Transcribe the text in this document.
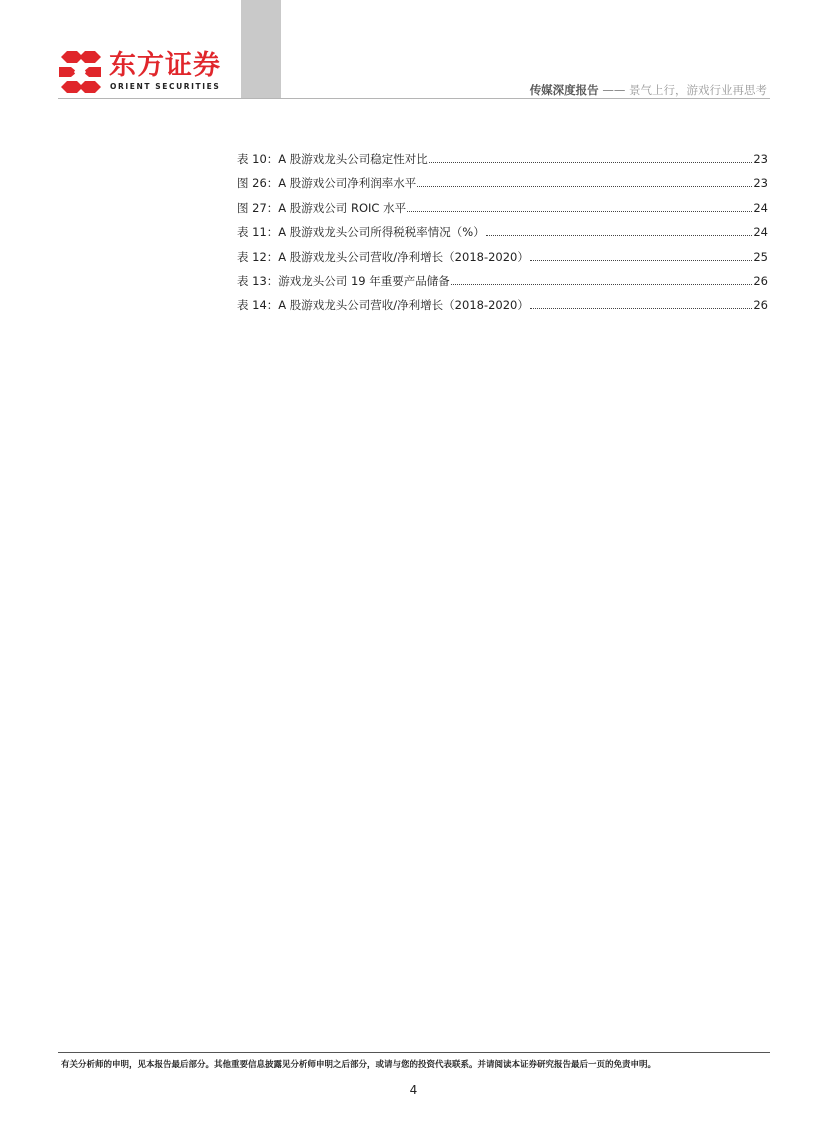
东方证券
ORIENT SECURITIES	传媒深度报告 —— 景气上行，游戏行业再思考
表 10：A 股游戏龙头公司稳定性对比	23
图 26：A 股游戏公司净利润率水平	23
图 27：A 股游戏公司 ROIC 水平	24
表 11：A 股游戏龙头公司所得税税率情况（%）	24
表 12：A 股游戏龙头公司营收/净利增长（2018-2020）	25
表 13：游戏龙头公司 19 年重要产品储备	26
表 14：A 股游戏龙头公司营收/净利增长（2018-2020）	26
有关分析师的申明，见本报告最后部分。其他重要信息披露见分析师申明之后部分，或请与您的投资代表联系。并请阅读本证券研究报告最后一页的免责申明。
4
